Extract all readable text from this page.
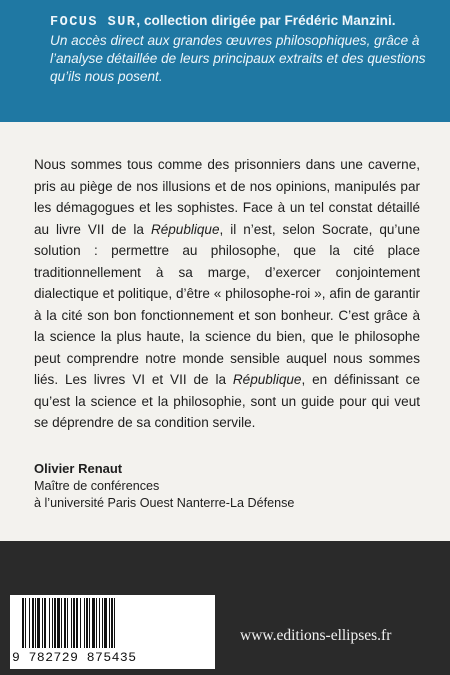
FOCUS SUR, collection dirigée par Frédéric Manzini.
Un accès direct aux grandes œuvres philosophiques, grâce à l’analyse détaillée de leurs principaux extraits et des questions qu’ils nous posent.

Nous sommes tous comme des prisonniers dans une caverne, pris au piège de nos illusions et de nos opinions, manipulés par les démagogues et les sophistes. Face à un tel constat détaillé au livre VII de la République, il n’est, selon Socrate, qu’une solution : permettre au philosophe, que la cité place traditionnellement à sa marge, d’exercer conjointement dialectique et politique, d’être « philosophe-roi », afin de garantir à la cité son bon fonctionnement et son bonheur. C’est grâce à la science la plus haute, la science du bien, que le philosophe peut comprendre notre monde sensible auquel nous sommes liés. Les livres VI et VII de la République, en définissant ce qu’est la science et la philosophie, sont un guide pour qui veut se déprendre de sa condition servile.

Olivier Renaut
Maître de conférences
à l’université Paris Ouest Nanterre-La Défense
9 782729 875435
www.editions-ellipses.fr
